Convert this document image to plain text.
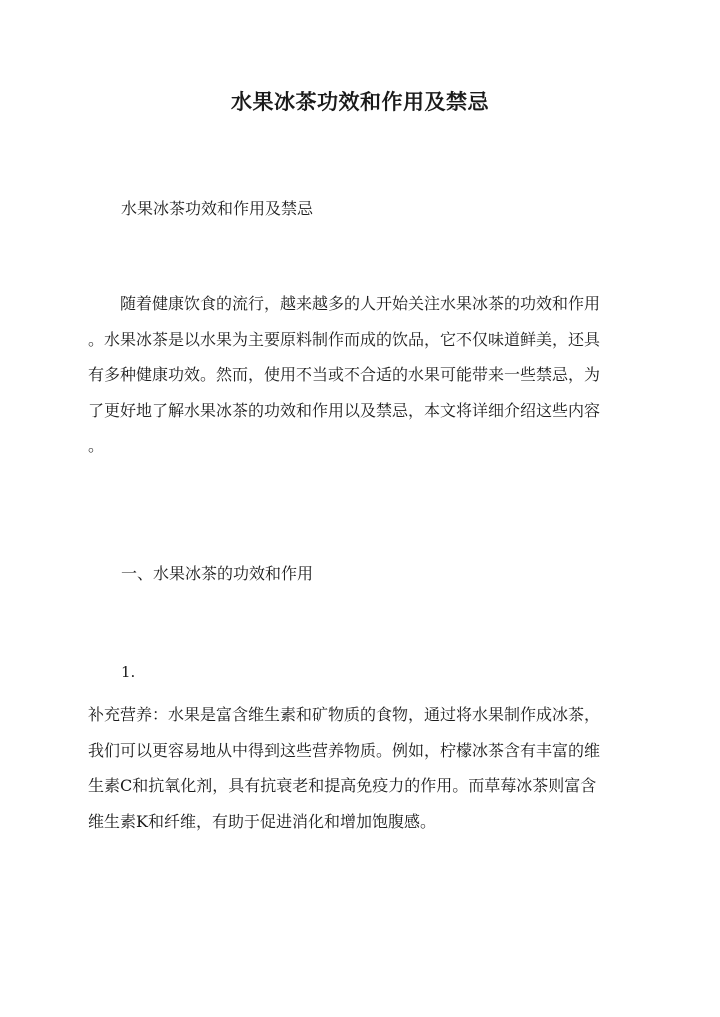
水果冰茶功效和作用及禁忌
水果冰茶功效和作用及禁忌
　　随着健康饮食的流行，越来越多的人开始关注水果冰茶的功效和作用
。水果冰茶是以水果为主要原料制作而成的饮品，它不仅味道鲜美，还具
有多种健康功效。然而，使用不当或不合适的水果可能带来一些禁忌，为
了更好地了解水果冰茶的功效和作用以及禁忌，本文将详细介绍这些内容
。
一、水果冰茶的功效和作用
1.
补充营养：水果是富含维生素和矿物质的食物，通过将水果制作成冰茶，
我们可以更容易地从中得到这些营养物质。例如，柠檬冰茶含有丰富的维
生素C和抗氧化剂，具有抗衰老和提高免疫力的作用。而草莓冰茶则富含
维生素K和纤维，有助于促进消化和增加饱腹感。
